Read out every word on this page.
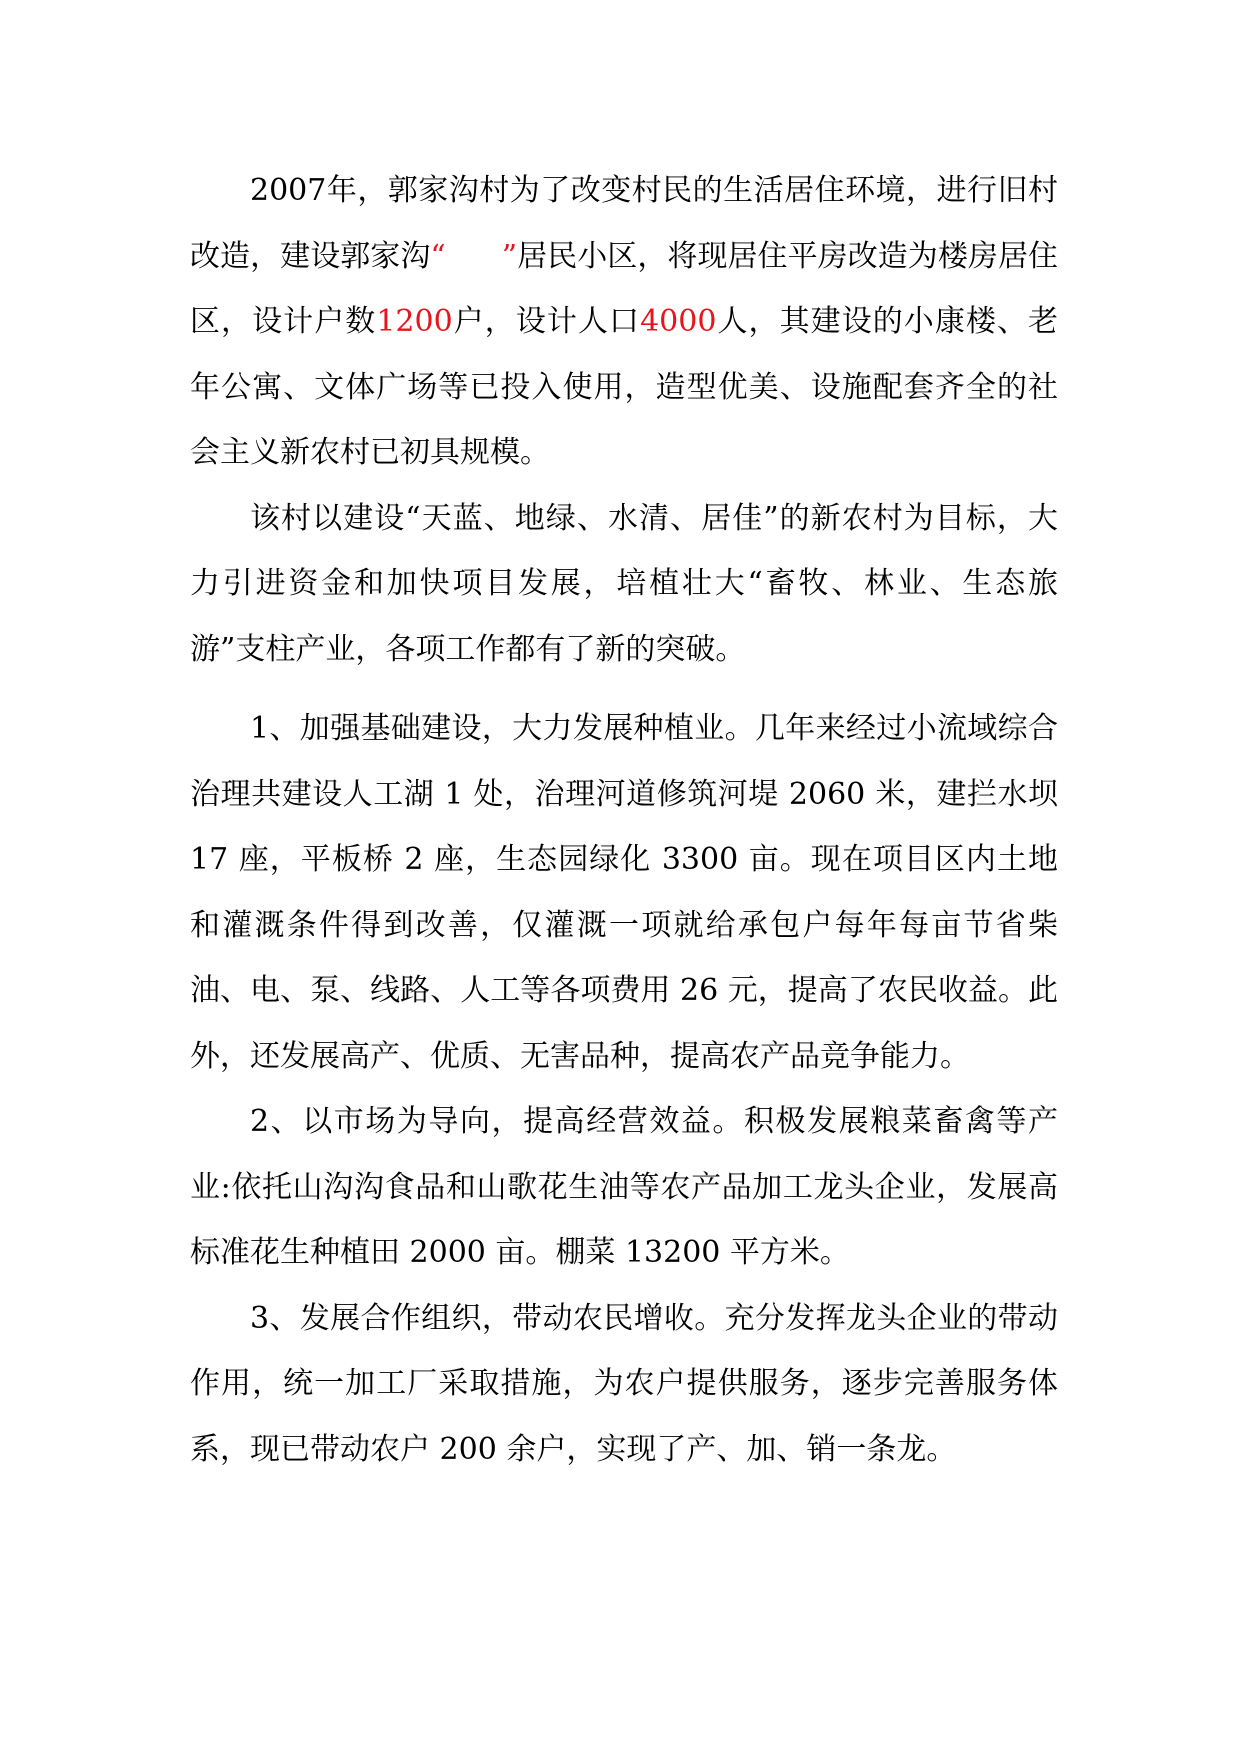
2007年，郭家沟村为了改变村民的生活居住环境，进行旧村改造，建设郭家沟“ ”居民小区，将现居住平房改造为楼房居住区，设计户数1200户，设计人口4000人，其建设的小康楼、老年公寓、文体广场等已投入使用，造型优美、设施配套齐全的社会主义新农村已初具规模。

该村以建设“天蓝、地绿、水清、居佳”的新农村为目标，大力引进资金和加快项目发展，培植壮大“畜牧、林业、生态旅游”支柱产业，各项工作都有了新的突破。

1、加强基础建设，大力发展种植业。几年来经过小流域综合治理共建设人工湖 1 处，治理河道修筑河堤 2060 米，建拦水坝 17 座，平板桥 2 座，生态园绿化 3300 亩。现在项目区内土地和灌溉条件得到改善，仅灌溉一项就给承包户每年每亩节省柴油、电、泵、线路、人工等各项费用 26 元，提高了农民收益。此外，还发展高产、优质、无害品种，提高农产品竞争能力。

2、以市场为导向，提高经营效益。积极发展粮菜畜禽等产业:依托山沟沟食品和山歌花生油等农产品加工龙头企业，发展高标准花生种植田 2000 亩。棚菜 13200 平方米。

3、发展合作组织，带动农民增收。充分发挥龙头企业的带动作用，统一加工厂采取措施，为农户提供服务，逐步完善服务体系，现已带动农户 200 余户，实现了产、加、销一条龙。
